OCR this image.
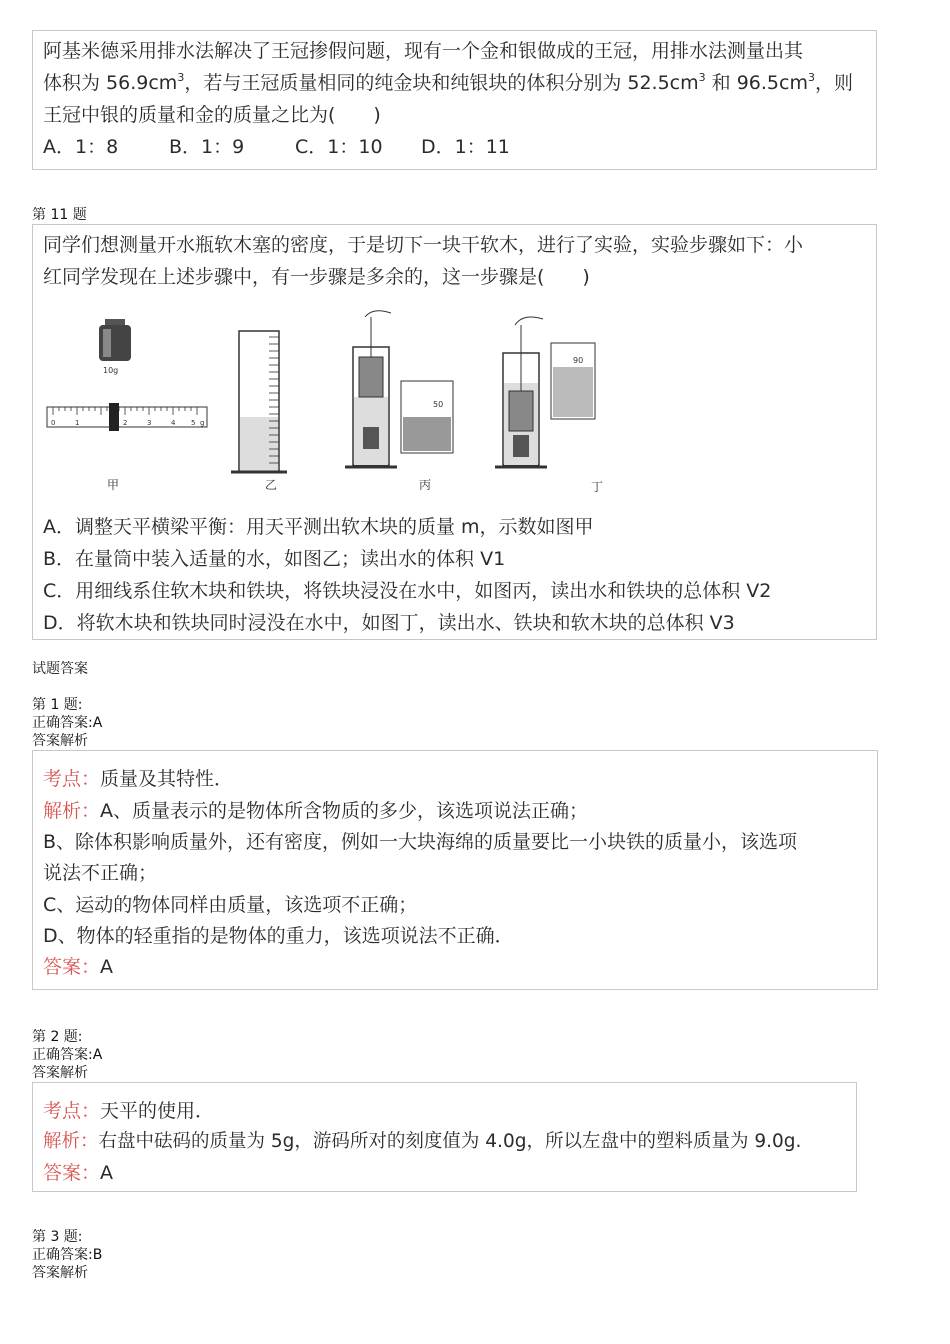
阿基米德采用排水法解决了王冠掺假问题，现有一个金和银做成的王冠，用排水法测量出其
体积为 $56.9cm^3$，若与王冠质量相同的纯金块和纯银块的体积分别为 $52.5cm^3$ 和 $96.5cm^3$，则
王冠中银的质量和金的质量之比为(　　)
A．1：8	B．1：9	C．1：10 D．1：11
第 11 题
同学们想测量开水瓶软木塞的密度，于是切下一块干软木，进行了实验，实验步骤如下：小
红同学发现在上述步骤中，有一步骤是多余的，这一步骤是(　　)
10g
0	1	2	3	4 5 g
甲	乙
50
丙
90
丁
A．调整天平横梁平衡：用天平测出软木块的质量 m，示数如图甲
B．在量筒中装入适量的水，如图乙；读出水的体积 V1
C．用细线系住软木块和铁块，将铁块浸没在水中，如图丙，读出水和铁块的总体积 V2
D．将软木块和铁块同时浸没在水中，如图丁，读出水、铁块和软木块的总体积 V3
试题答案
第 1 题:
正确答案:A
答案解析
考点：质量及其特性．
解析：A、质量表示的是物体所含物质的多少，该选项说法正确；
B、除体积影响质量外，还有密度，例如一大块海绵的质量要比一小块铁的质量小，该选项
说法不正确；
C、运动的物体同样由质量，该选项不正确；
D、物体的轻重指的是物体的重力，该选项说法不正确．
答案：A
第 2 题:
正确答案:A
答案解析
考点：天平的使用．
解析：右盘中砝码的质量为 5g，游码所对的刻度值为 4.0g，所以左盘中的塑料质量为 9.0g.
答案：A
第 3 题:
正确答案:B
答案解析
